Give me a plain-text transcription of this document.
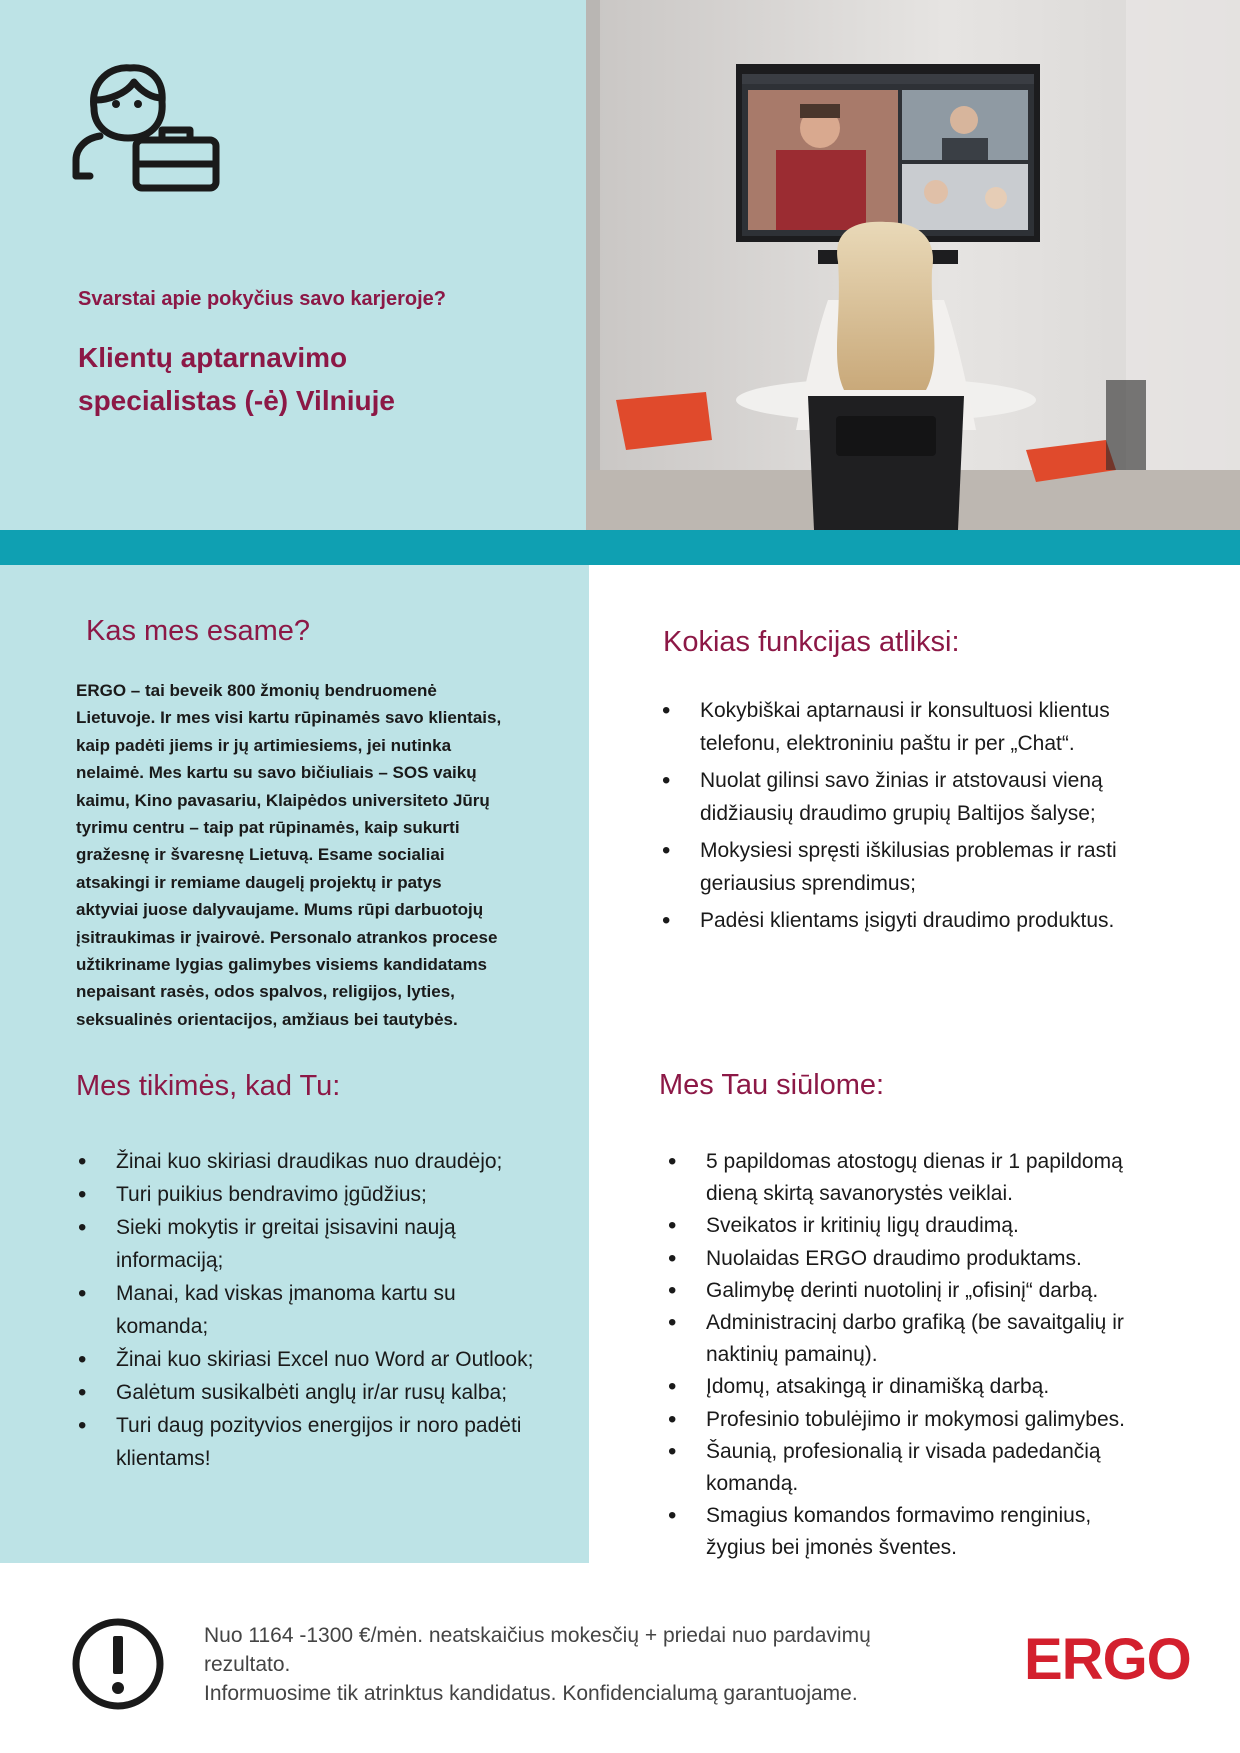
Svarstai apie pokyčius savo karjeroje?
Klientų aptarnavimo
specialistas (-ė) Vilniuje
Kas mes esame?
ERGO – tai beveik 800 žmonių bendruomenė
Lietuvoje. Ir mes visi kartu rūpinamės savo klientais,
kaip padėti jiems ir jų artimiesiems, jei nutinka
nelaimė. Mes kartu su savo bičiuliais – SOS vaikų
kaimu, Kino pavasariu, Klaipėdos universiteto Jūrų
tyrimu centru – taip pat rūpinamės, kaip sukurti
gražesnę ir švaresnę Lietuvą. Esame socialiai
atsakingi ir remiame daugelį projektų ir patys
aktyviai juose dalyvaujame. Mums rūpi darbuotojų
įsitraukimas ir įvairovė. Personalo atrankos procese
užtikriname lygias galimybes visiems kandidatams
nepaisant rasės, odos spalvos, religijos, lyties,
seksualinės orientacijos, amžiaus bei tautybės.
Mes tikimės, kad Tu:
• Žinai kuo skiriasi draudikas nuo draudėjo;
• Turi puikius bendravimo įgūdžius;
• Sieki mokytis ir greitai įsisavini naują
informaciją;
• Manai, kad viskas įmanoma kartu su
komanda;
• Žinai kuo skiriasi Excel nuo Word ar Outlook;
• Galėtum susikalbėti anglų ir/ar rusų kalba;
• Turi daug pozityvios energijos ir noro padėti
klientams!
Kokias funkcijas atliksi:
• Kokybiškai aptarnausi ir konsultuosi klientus
telefonu, elektroniniu paštu ir per „Chat“.
• Nuolat gilinsi savo žinias ir atstovausi vieną
didžiausių draudimo grupių Baltijos šalyse;
• Mokysiesi spręsti iškilusias problemas ir rasti
geriausius sprendimus;
• Padėsi klientams įsigyti draudimo produktus.
Mes Tau siūlome:
• 5 papildomas atostogų dienas ir 1 papildomą
dieną skirtą savanorystės veiklai.
• Sveikatos ir kritinių ligų draudimą.
• Nuolaidas ERGO draudimo produktams.
• Galimybę derinti nuotolinį ir „ofisinį“ darbą.
• Administracinį darbo grafiką (be savaitgalių ir
naktinių pamainų).
• Įdomų, atsakingą ir dinamišką darbą.
• Profesinio tobulėjimo ir mokymosi galimybes.
• Šaunią, profesionalią ir visada padedančią
komandą.
• Smagius komandos formavimo renginius,
žygius bei įmonės šventes.
Nuo 1164 -1300 €/mėn. neatskaičius mokesčių + priedai nuo pardavimų
rezultato.
Informuosime tik atrinktus kandidatus. Konfidencialumą garantuojame.
ERGO
